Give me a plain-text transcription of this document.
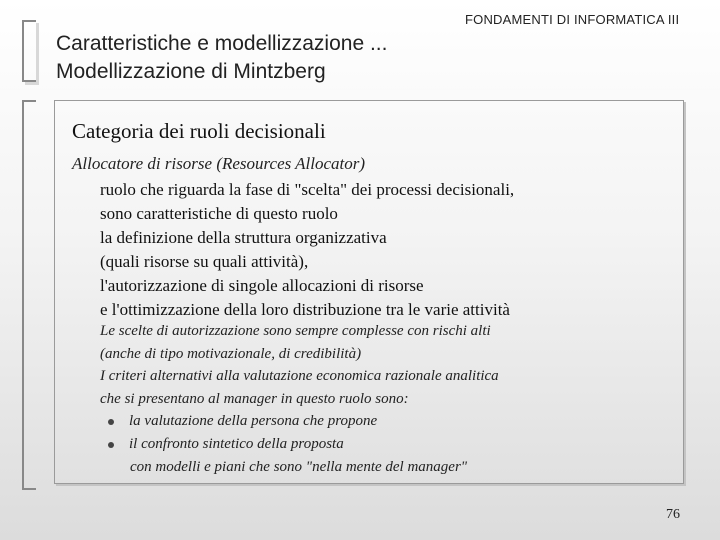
Caratteristiche e modellizzazione ...
Modellizzazione di Mintzberg
FONDAMENTI DI INFORMATICA III
Categoria dei ruoli decisionali
Allocatore di risorse (Resources Allocator)
ruolo che riguarda la fase di "scelta" dei processi decisionali,
sono caratteristiche di questo ruolo
la definizione della struttura organizzativa
(quali risorse su quali attività),
l'autorizzazione di singole allocazioni di risorse
e l'ottimizzazione della loro distribuzione tra le varie attività
Le scelte di autorizzazione sono sempre complesse con rischi alti
(anche di tipo motivazionale, di credibilità)
I criteri alternativi alla valutazione economica razionale analitica
che si presentano al manager in questo ruolo sono:
la valutazione della persona che propone
il confronto sintetico della proposta
con modelli e piani che sono "nella mente del manager"
76
